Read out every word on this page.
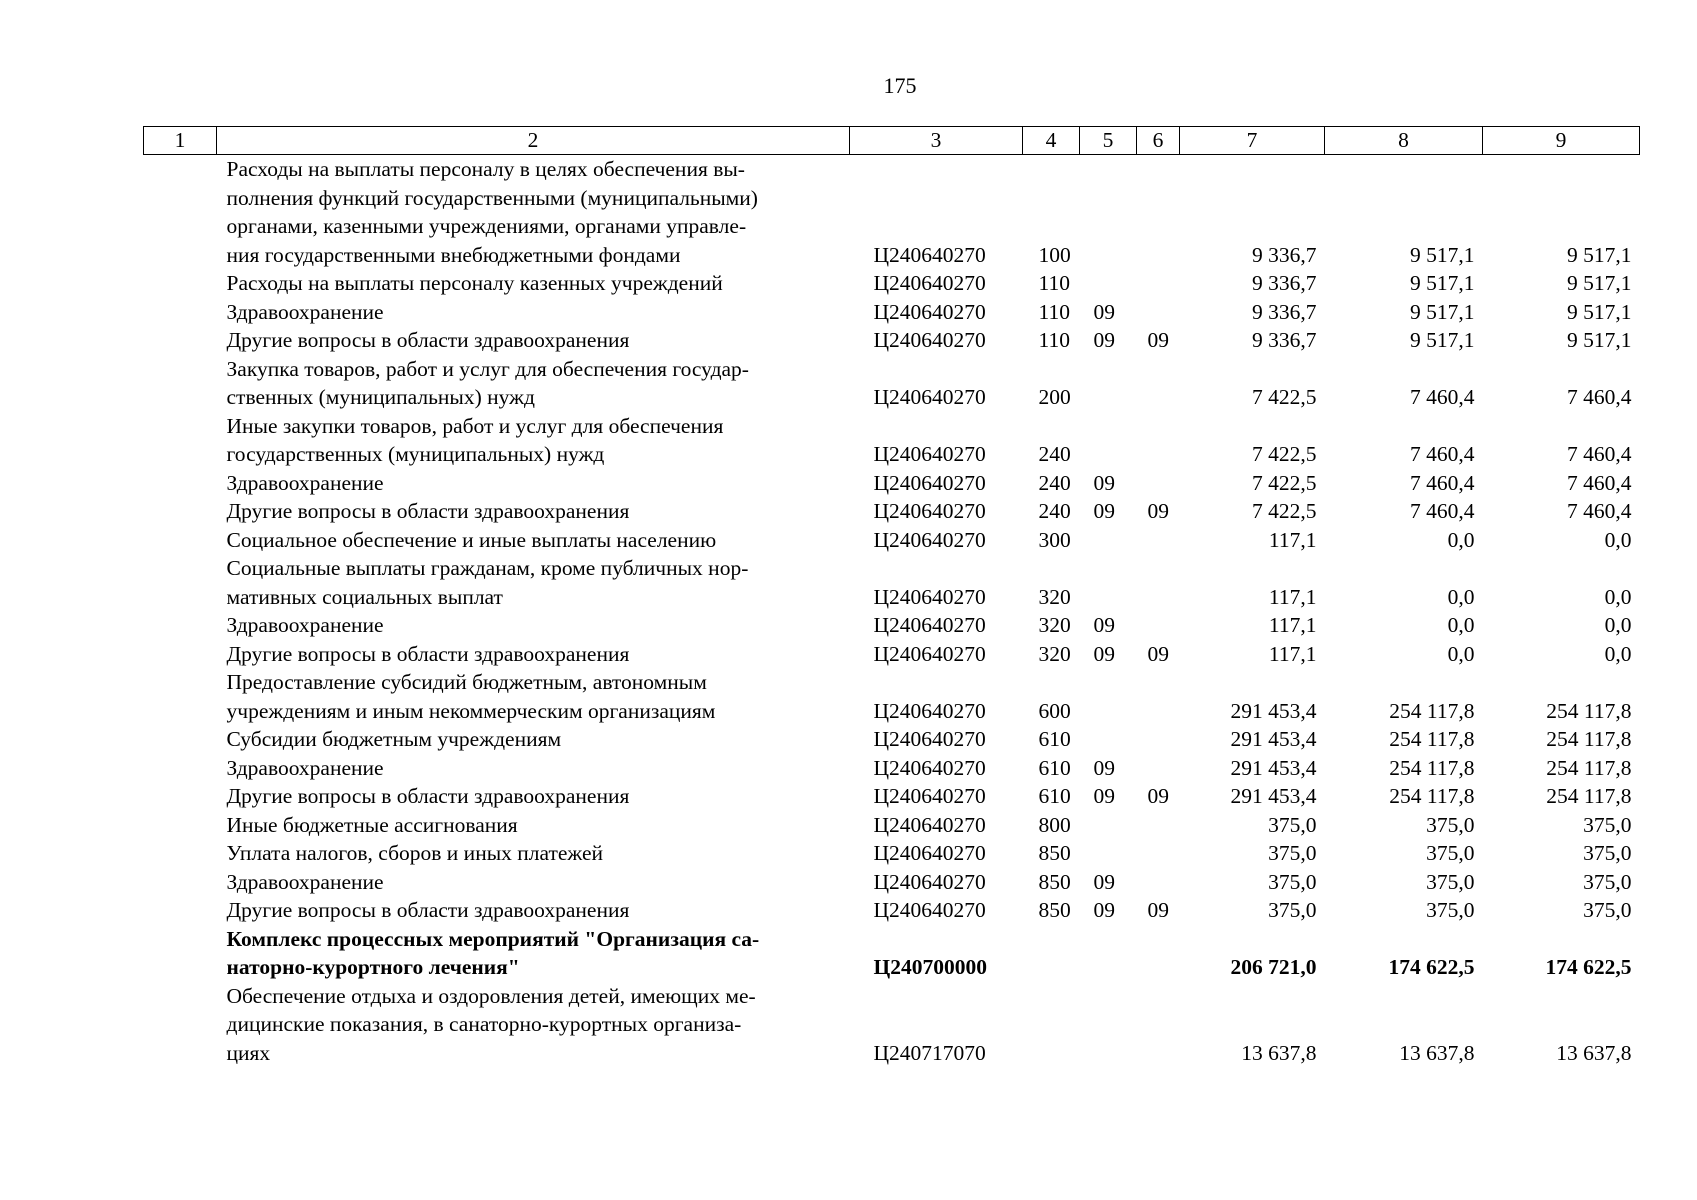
175
1	2	3	4	5	6	7	8	9

	Расходы на выплаты персоналу в целях обеспечения вы-
полнения функций государственными (муниципальными)
органами, казенными учреждениями, органами управле-
ния государственными внебюджетными фондами	Ц240640270	100			9 336,7	9 517,1	9 517,1

	Расходы на выплаты персоналу казенных учреждений	Ц240640270	110			9 336,7	9 517,1	9 517,1

	Здравоохранение	Ц240640270	110	09		9 336,7	9 517,1	9 517,1

	Другие вопросы в области здравоохранения	Ц240640270	110	09	09	9 336,7	9 517,1	9 517,1

	Закупка товаров, работ и услуг для обеспечения государ-
ственных (муниципальных) нужд	Ц240640270	200			7 422,5	7 460,4	7 460,4

	Иные закупки товаров, работ и услуг для обеспечения
государственных (муниципальных) нужд	Ц240640270	240			7 422,5	7 460,4	7 460,4

	Здравоохранение	Ц240640270	240	09		7 422,5	7 460,4	7 460,4

	Другие вопросы в области здравоохранения	Ц240640270	240	09	09	7 422,5	7 460,4	7 460,4

	Социальное обеспечение и иные выплаты населению	Ц240640270	300			117,1	0,0	0,0

	Социальные выплаты гражданам, кроме публичных нор-
мативных социальных выплат	Ц240640270	320			117,1	0,0	0,0

	Здравоохранение	Ц240640270	320	09		117,1	0,0	0,0

	Другие вопросы в области здравоохранения	Ц240640270	320	09	09	117,1	0,0	0,0

	Предоставление субсидий бюджетным, автономным
учреждениям и иным некоммерческим организациям	Ц240640270	600			291 453,4	254 117,8	254 117,8

	Субсидии бюджетным учреждениям	Ц240640270	610			291 453,4	254 117,8	254 117,8

	Здравоохранение	Ц240640270	610	09		291 453,4	254 117,8	254 117,8

	Другие вопросы в области здравоохранения	Ц240640270	610	09	09	291 453,4	254 117,8	254 117,8

	Иные бюджетные ассигнования	Ц240640270	800			375,0	375,0	375,0

	Уплата налогов, сборов и иных платежей	Ц240640270	850			375,0	375,0	375,0

	Здравоохранение	Ц240640270	850	09		375,0	375,0	375,0

	Другие вопросы в области здравоохранения	Ц240640270	850	09	09	375,0	375,0	375,0

	Комплекс процессных мероприятий "Организация са-
наторно-курортного лечения"	Ц240700000				206 721,0	174 622,5	174 622,5

	Обеспечение отдыха и оздоровления детей, имеющих ме-
дицинские показания, в санаторно-курортных организа-
циях	Ц240717070				13 637,8	13 637,8	13 637,8
